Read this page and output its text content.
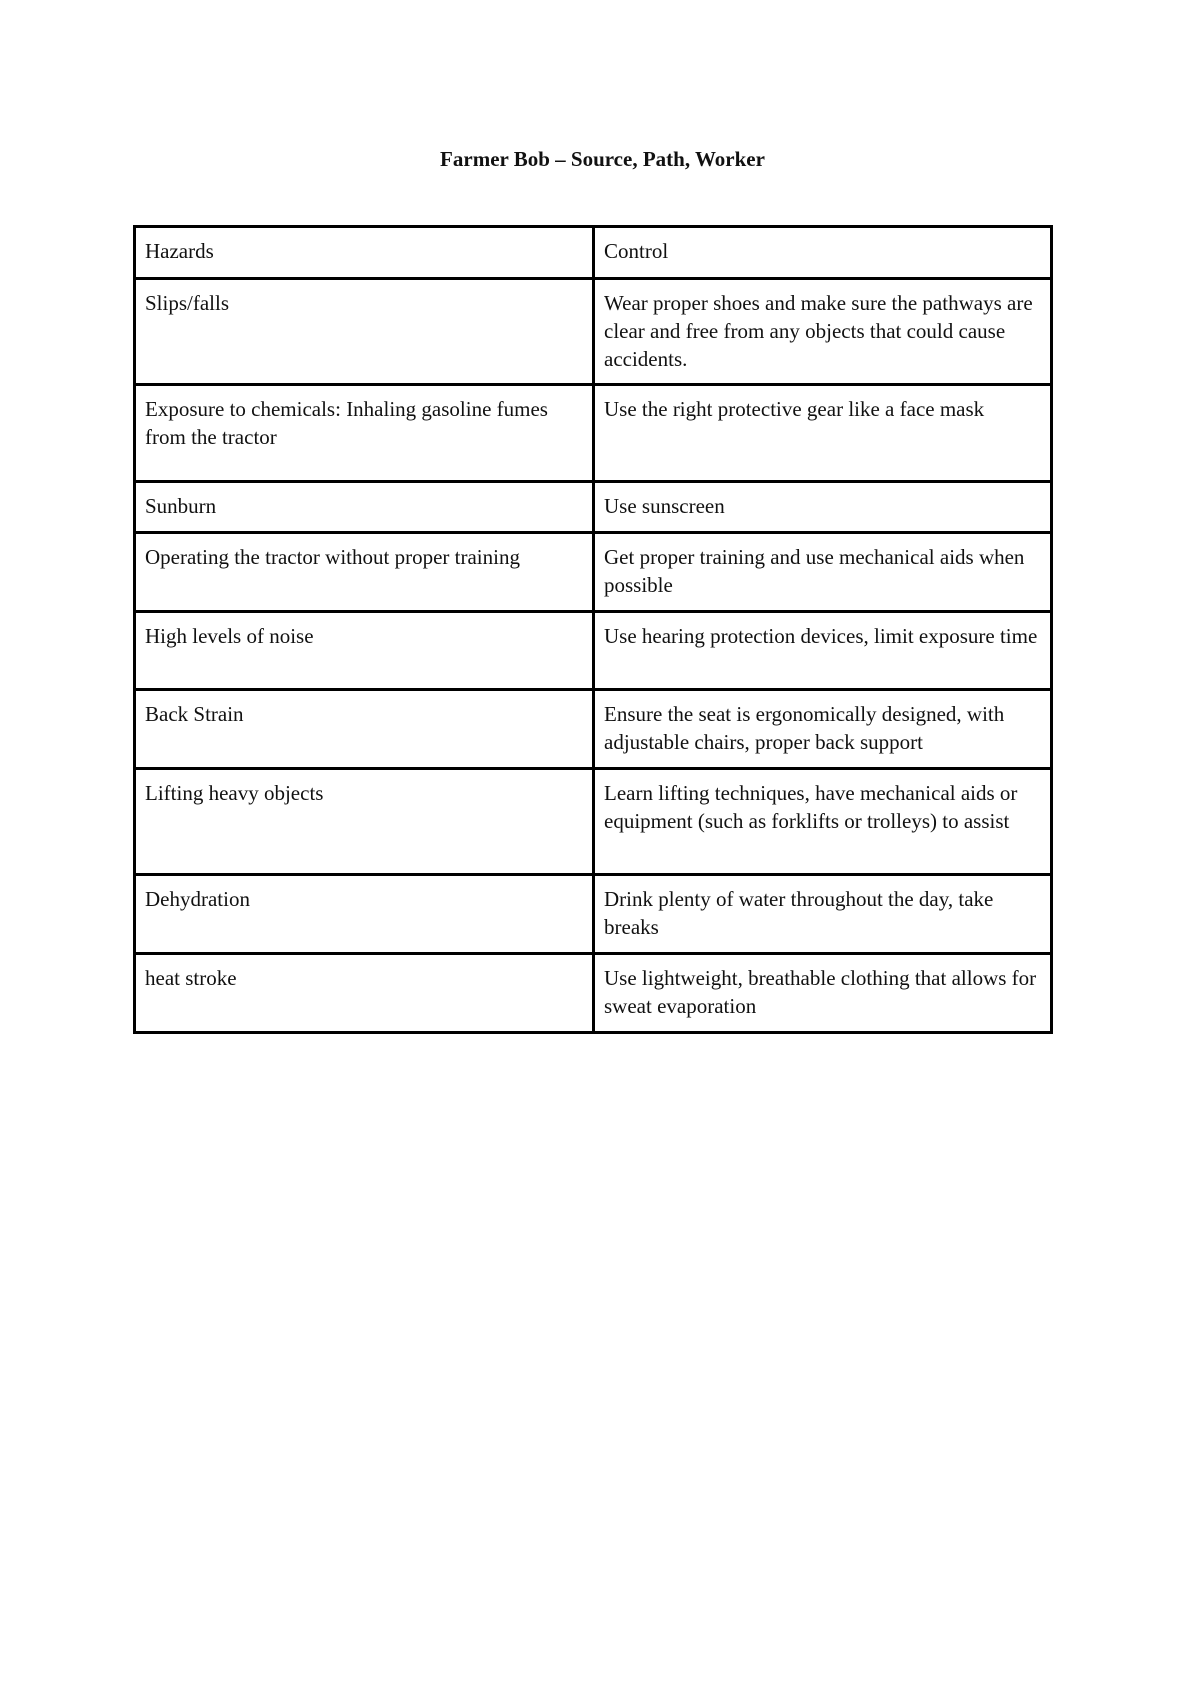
Farmer Bob – Source, Path, Worker
Hazards	Control
Slips/falls	Wear proper shoes and make sure the pathways are clear and free from any objects that could cause accidents.
Exposure to chemicals: Inhaling gasoline fumes from the tractor	Use the right protective gear like a face mask
Sunburn	Use sunscreen
Operating the tractor without proper training	Get proper training and use mechanical aids when possible
High levels of noise	Use hearing protection devices, limit exposure time
Back Strain	Ensure the seat is ergonomically designed, with adjustable chairs, proper back support
Lifting heavy objects	Learn lifting techniques, have mechanical aids or equipment (such as forklifts or trolleys) to assist
Dehydration	Drink plenty of water throughout the day, take breaks
heat stroke	Use lightweight, breathable clothing that allows for sweat evaporation
